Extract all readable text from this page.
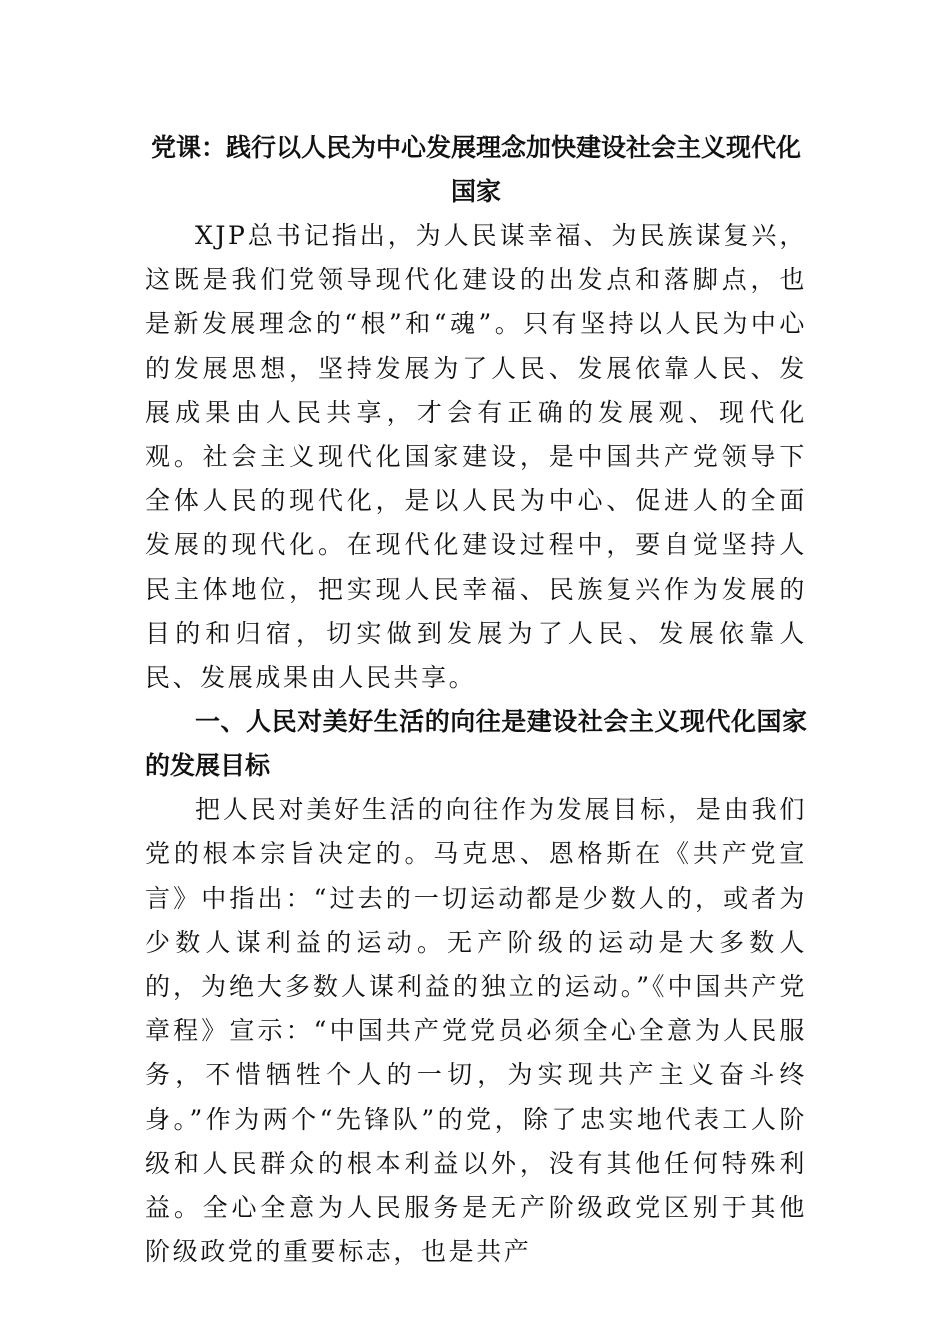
党课：践行以人民为中心发展理念加快建设社会主义现代化国家

XJP总书记指出，为人民谋幸福、为民族谋复兴，这既是我们党领导现代化建设的出发点和落脚点，也是新发展理念的“根”和“魂”。只有坚持以人民为中心的发展思想，坚持发展为了人民、发展依靠人民、发展成果由人民共享，才会有正确的发展观、现代化观。社会主义现代化国家建设，是中国共产党领导下全体人民的现代化，是以人民为中心、促进人的全面发展的现代化。在现代化建设过程中，要自觉坚持人民主体地位，把实现人民幸福、民族复兴作为发展的目的和归宿，切实做到发展为了人民、发展依靠人民、发展成果由人民共享。

一、人民对美好生活的向往是建设社会主义现代化国家的发展目标

把人民对美好生活的向往作为发展目标，是由我们党的根本宗旨决定的。马克思、恩格斯在《共产党宣言》中指出：“过去的一切运动都是少数人的，或者为少数人谋利益的运动。无产阶级的运动是大多数人的，为绝大多数人谋利益的独立的运动。”《中国共产党章程》宣示：“中国共产党党员必须全心全意为人民服务，不惜牺牲个人的一切，为实现共产主义奋斗终身。”作为两个“先锋队”的党，除了忠实地代表工人阶级和人民群众的根本利益以外，没有其他任何特殊利益。全心全意为人民服务是无产阶级政党区别于其他阶级政党的重要标志，也是共产
